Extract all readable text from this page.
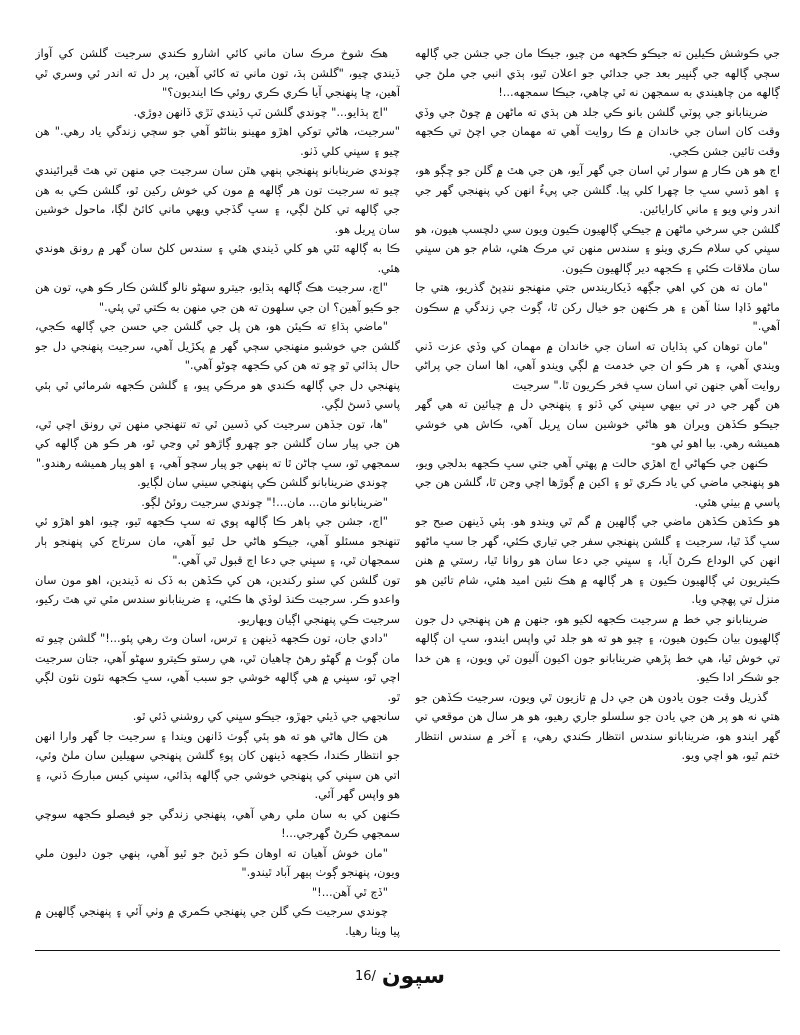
جي ڪوشش ڪيلين ته جيڪو ڪجهه من چيو، جيڪا مان جي جشن جي ڳالهه سڄي ڳالهه جي ڳنڀير بعد جي جدائي جو اعلان ٿيو، ٻڌي انبي جي ملڻ جي ڳالهه من چاهيندي به سمجهن نه ٿي چاهي، جيڪا سمجهه...!

ضرينابانو جي پوٽي گلشن بانو ڪي جلد هن ٻڌي ته ماڻهن ۾ چوڻ جي وڏي وقت کان اسان جي خاندان ۾ ڪا روايت آهي ته مهمان جي اچڻ تي ڪجهه وقت تائين جشن ڪجي.

اڄ هو هن ڪار ۾ سوار ٿي اسان جي گهر آيو، هن جي هٿ ۾ گلن جو ڇڳو هو، ۽ اهو ڏسي سڀ جا چهرا کلي پيا. گلشن جي پيءُ انهن کي پنهنجي گهر جي اندر وٺي ويو ۽ ماني کارايائين.

گلشن جي سرخي ماڻهن ۾ جيڪي ڳالهيون ڪيون ويون سي دلچسپ هيون، هو سڀني کي سلام ڪري ويٺو ۽ سندس منهن تي مرڪ هئي، شام جو هن سڀني سان ملاقات ڪئي ۽ ڪجهه دير ڳالهيون ڪيون.

"مان ته هن کي اهي جڳهه ڏيکاريندس جتي منهنجو ننڍپڻ گذريو، هتي جا ماڻهو ڏاڍا سٺا آهن ۽ هر ڪنهن جو خيال رکن ٿا، ڳوٺ جي زندگي ۾ سڪون آهي."

"مان توهان کي ٻڌايان ته اسان جي خاندان ۾ مهمان کي وڏي عزت ڏني ويندي آهي، ۽ هر ڪو ان جي خدمت ۾ لڳي ويندو آهي، اها اسان جي پراڻي روايت آهي جنهن تي اسان سڀ فخر ڪريون ٿا." سرجيت

هن گهر جي در تي بيهي سڀني کي ڏٺو ۽ پنهنجي دل ۾ چيائين ته هي گهر جيڪو ڪڏهن ويران هو هاڻي خوشين سان ڀريل آهي، ڪاش هي خوشي هميشه رهي. بيا اهو ئي هو-

ڪنهن جي ڪهاڻي اڄ اهڙي حالت ۾ پهتي آهي جتي سڀ ڪجهه بدلجي ويو، هو پنهنجي ماضي کي ياد ڪري ٿو ۽ اکين ۾ ڳوڙها اچي وڃن ٿا، گلشن هن جي پاسي ۾ بيٺي هئي.

هو ڪڏهن ڪڏهن ماضي جي ڳالهين ۾ گم ٿي ويندو هو. ٻئي ڏينهن صبح جو سڀ گڏ ٿيا، سرجيت ۽ گلشن پنهنجي سفر جي تياري ڪئي، گهر جا سڀ ماڻهو انهن کي الوداع ڪرڻ آيا، ۽ سڀني جي دعا سان هو روانا ٿيا، رستي ۾ هنن ڪيتريون ئي ڳالهيون ڪيون ۽ هر ڳالهه ۾ هڪ نئين اميد هئي، شام تائين هو منزل تي پهچي ويا.

ضرينابانو جي خط ۾ سرجيت ڪجهه لکيو هو، جنهن ۾ هن پنهنجي دل جون ڳالهيون بيان ڪيون هيون، ۽ چيو هو ته هو جلد ئي واپس ايندو، سڀ ان ڳالهه تي خوش ٿيا، هي خط پڙهي ضرينابانو جون اکيون آليون ٿي ويون، ۽ هن خدا جو شڪر ادا ڪيو.

گذريل وقت جون يادون هن جي دل ۾ تازيون ٿي ويون، سرجيت ڪڏهن جو هتي نه هو پر هن جي يادن جو سلسلو جاري رهيو، هو هر سال هن موقعي تي گهر ايندو هو، ضرينابانو سندس انتظار ڪندي رهي، ۽ آخر ۾ سندس انتظار ختم ٿيو، هو اچي ويو.

هڪ شوخ مرڪ سان ماني کائي اشارو ڪندي سرجيت گلشن کي آواز ڏيندي چيو، "گلشن ٻڌ، تون ماني ته کائي آهين، پر دل ته اندر ئي وسري ٿي آهين، ڇا پنهنجي آيا ڪري ڪري روئي ڪا اينديون؟"

"اڄ ٻڌايو..." چوندي گلشن ٽپ ڏيندي ٽڙي ڏانهن ڊوڙي.

"سرجيت، هاڻي توکي اهڙو مهينو بنائڻو آهي جو سڄي زندگي ياد رهي." هن چيو ۽ سڀني کلي ڏٺو.

چوندي ضرينابانو پنهنجي ٻنهي هٿن سان سرجيت جي منهن تي هٿ ڦيرائيندي چيو ته سرجيت تون هر ڳالهه ۾ مون کي خوش رکين ٿو، گلشن ڪي به هن جي ڳالهه تي کلڻ لڳي، ۽ سڀ گڏجي ويهي ماني کائڻ لڳا، ماحول خوشين سان ڀريل هو.

ڪا به ڳالهه ٿئي هو کلي ڏيندي هئي ۽ سندس کلڻ سان گهر ۾ رونق هوندي هئي.

"اڄ، سرجيت هڪ ڳالهه ٻڌايو، جيترو سهڻو نالو گلشن ڪار ڪو هي، تون هن جو ڪيو آهين؟ ان جي سلهون ته هن جي منهن به ڪتي ٿي پئي."

"ماضي ٻڌاءِ ته ڪيئن هو، هن پل جي گلشن جي حسن جي ڳالهه ڪجي، گلشن جي خوشبو منهنجي سڄي گهر ۾ پکڙيل آهي، سرجيت پنهنجي دل جو حال ٻڌائي ٿو ڇو ته هن کي ڪجهه چوڻو آهي."

پنهنجي دل جي ڳالهه ڪندي هو مرڪي پيو، ۽ گلشن ڪجهه شرمائي ٿي ٻئي پاسي ڏسڻ لڳي.

"ها، تون جڏهن سرجيت کي ڏسين ٿي ته تنهنجي منهن تي رونق اچي ٿي، هن جي پيار سان گلشن جو چهرو ڳاڙهو ٿي وڃي ٿو، هر ڪو هن ڳالهه کي سمجهي ٿو، سڀ ڄاڻن ٿا ته ٻنهي جو پيار سچو آهي، ۽ اهو پيار هميشه رهندو."

چوندي ضرينابانو گلشن ڪي پنهنجي سيني سان لڳايو.

"ضرينابانو مان... مان...!" چوندي سرجيت روئڻ لڳو.

"اڄ، جشن جي ٻاهر ڪا ڳالهه پوي ته سڀ ڪجهه ٿيو، چيو، اهو اهڙو ئي تنهنجو مسئلو آهي، جيڪو هاڻي حل ٿيو آهي، مان سرتاج کي پنهنجو ٻار سمجهان ٿي، ۽ سڀني جي دعا اڄ قبول ٿي آهي."

تون گلشن کي سٺو رکندين، هن کي ڪڏهن به ڏک نه ڏيندين، اهو مون سان واعدو ڪر. سرجيت ڪنڌ لوڏي ها ڪئي، ۽ ضرينابانو سندس مٿي تي هٿ رکيو، سرجيت ڪي پنهنجي اڳيان ويهاريو.

"دادي جان، تون ڪجهه ڏينهن ۽ ترس، اسان وٽ رهي پئو...!" گلشن چيو ته مان ڳوٺ ۾ گهڻو رهڻ چاهيان ٿي، هي رستو ڪيترو سهڻو آهي، جتان سرجيت اچي ٿو، سڀني ۾ هي ڳالهه خوشي جو سبب آهي، سڀ ڪجهه نئون نئون لڳي ٿو.

سانجهي جي ڏيئي جهڙو، جيڪو سڀني کي روشني ڏئي ٿو.

هن ڪال هاڻي هو ته هو ٻئي ڳوٺ ڏانهن ويندا ۽ سرجيت جا گهر وارا انهن جو انتظار ڪندا، ڪجهه ڏينهن کان پوءِ گلشن پنهنجي سهيلين سان ملڻ وئي، اتي هن سڀني کي پنهنجي خوشي جي ڳالهه ٻڌائي، سڀني کيس مبارڪ ڏني، ۽ هو واپس گهر آئي.

ڪنهن کي به سان ملي رهي آهي، پنهنجي زندگي جو فيصلو ڪجهه سوچي سمجهي ڪرڻ گهرجي...!

"مان خوش آهيان ته اوهان ڪو ڏيڻ جو ٿيو آهي، ٻنهي جون دليون ملي ويون، پنهنجو ڳوٺ ٻيهر آباد ٿيندو."

"ڏڄ ٿي آهن...!"

چوندي سرجيت ڪي گلن جي پنهنجي ڪمري ۾ وٺي آئي ۽ پنهنجي ڳالهين ۾ پيا ويٺا رهيا.

16/ سپون
